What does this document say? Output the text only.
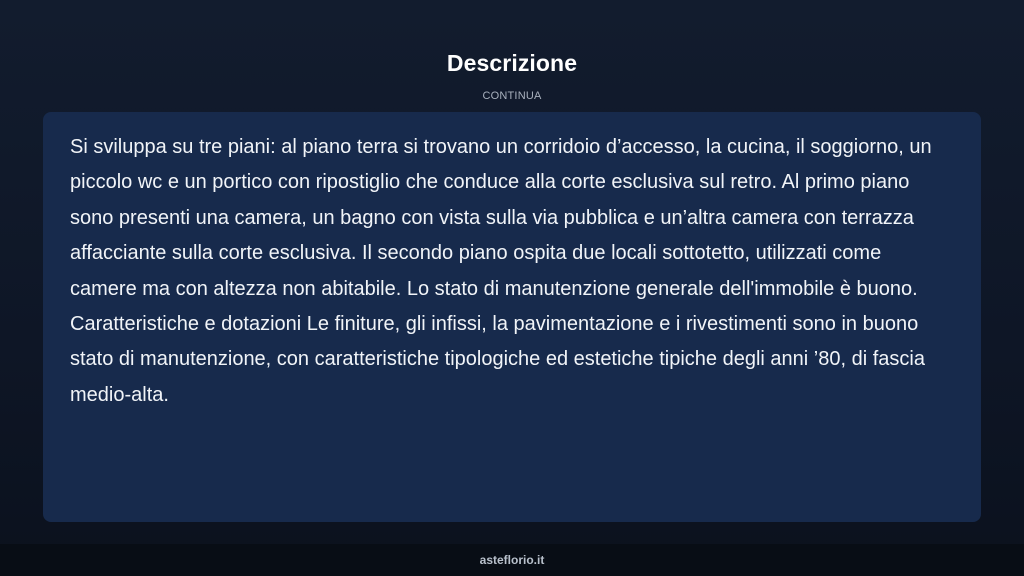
Descrizione
CONTINUA

Si sviluppa su tre piani: al piano terra si trovano un corridoio d’accesso, la cucina, il soggiorno, un piccolo wc e un portico con ripostiglio che conduce alla corte esclusiva sul retro. Al primo piano sono presenti una camera, un bagno con vista sulla via pubblica e un’altra camera con terrazza affacciante sulla corte esclusiva. Il secondo piano ospita due locali sottotetto, utilizzati come camere ma con altezza non abitabile. Lo stato di manutenzione generale dell'immobile è buono. Caratteristiche e dotazioni Le finiture, gli infissi, la pavimentazione e i rivestimenti sono in buono stato di manutenzione, con caratteristiche tipologiche ed estetiche tipiche degli anni ’80, di fascia medio-alta.

asteflorio.it
